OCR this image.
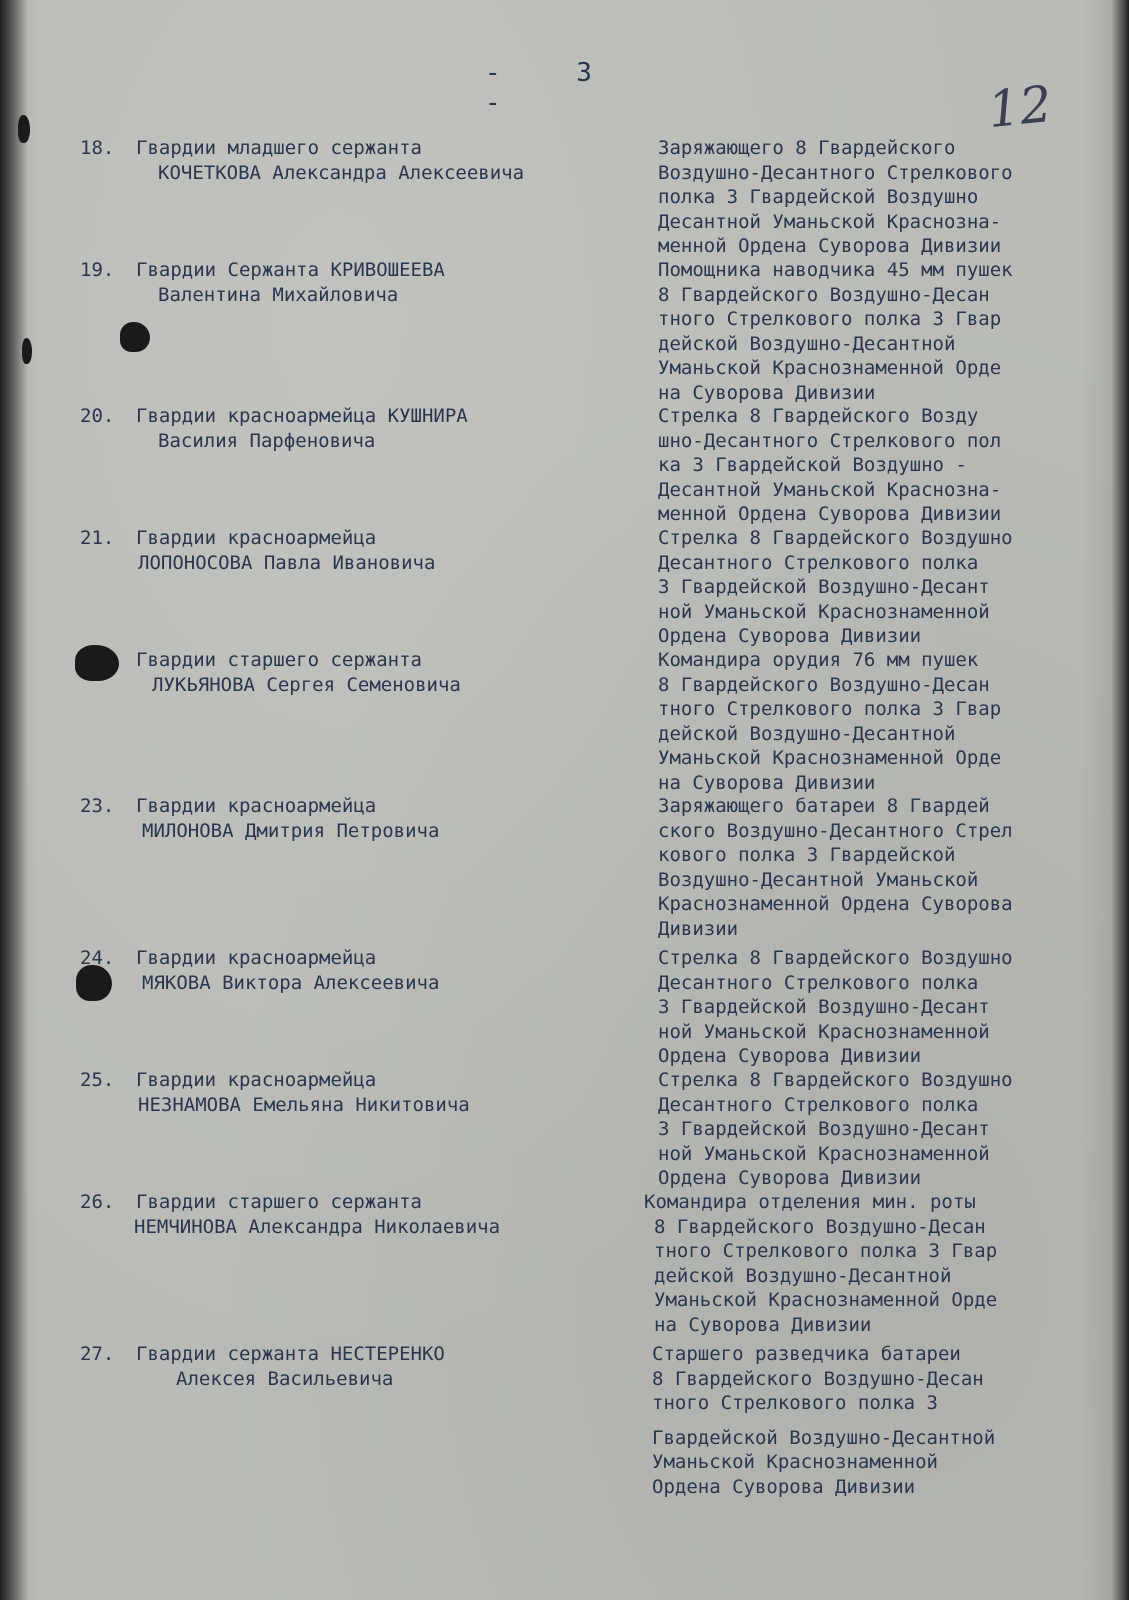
- 3 -	12
18. Гвардии младшего сержанта
КОЧЕТКОВА Александра Алексеевича
Заряжающего 8 Гвардейского
Воздушно-Десантного Стрелкового
полка 3 Гвардейской Воздушно
Десантной Уманьской Краснозна-
менной Ордена Суворова Дивизии
19. Гвардии Сержанта КРИВОШЕЕВА
Валентина Михайловича
Помощника наводчика 45 мм пушек
8 Гвардейского Воздушно-Десан
тного Стрелкового полка 3 Гвар
дейской Воздушно-Десантной
Уманьской Краснознаменной Орде
на Суворова Дивизии
20. Гвардии красноармейца КУШНИРА
Василия Парфеновича
Стрелка 8 Гвардейского Возду
шно-Десантного Стрелкового пол
ка 3 Гвардейской Воздушно -
Десантной Уманьской Краснозна-
менной Ордена Суворова Дивизии
21. Гвардии красноармейца
ЛОПОНОСОВА Павла Ивановича
Стрелка 8 Гвардейского Воздушно
Десантного Стрелкового полка
3 Гвардейской Воздушно-Десант
ной Уманьской Краснознаменной
Ордена Суворова Дивизии
Гвардии старшего сержанта
ЛУКЬЯНОВА Сергея Семеновича
Командира орудия 76 мм пушек
8 Гвардейского Воздушно-Десан
тного Стрелкового полка 3 Гвар
дейской Воздушно-Десантной
Уманьской Краснознаменной Орде
на Суворова Дивизии
23. Гвардии красноармейца
МИЛОНОВА Дмитрия Петровича
Заряжающего батареи 8 Гвардей
ского Воздушно-Десантного Стрел
кового полка 3 Гвардейской
Воздушно-Десантной Уманьской
Краснознаменной Ордена Суворова
Дивизии
24. Гвардии красноармейца
МЯКОВА Виктора Алексеевича
Стрелка 8 Гвардейского Воздушно
Десантного Стрелкового полка
3 Гвардейской Воздушно-Десант
ной Уманьской Краснознаменной
Ордена Суворова Дивизии
25. Гвардии красноармейца
НЕЗНАМОВА Емельяна Никитовича
Стрелка 8 Гвардейского Воздушно
Десантного Стрелкового полка
3 Гвардейской Воздушно-Десант
ной Уманьской Краснознаменной
Ордена Суворова Дивизии
26. Гвардии старшего сержанта
НЕМЧИНОВА Александра Николаевича
Командира отделения мин. роты
8 Гвардейского Воздушно-Десан
тного Стрелкового полка 3 Гвар
дейской Воздушно-Десантной
Уманьской Краснознаменной Орде
на Суворова Дивизии
27. Гвардии сержанта НЕСТЕРЕНКО
Алексея Васильевича
Старшего разведчика батареи
8 Гвардейского Воздушно-Десан
тного Стрелкового полка 3
Гвардейской Воздушно-Десантной
Уманьской Краснознаменной
Ордена Суворова Дивизии
